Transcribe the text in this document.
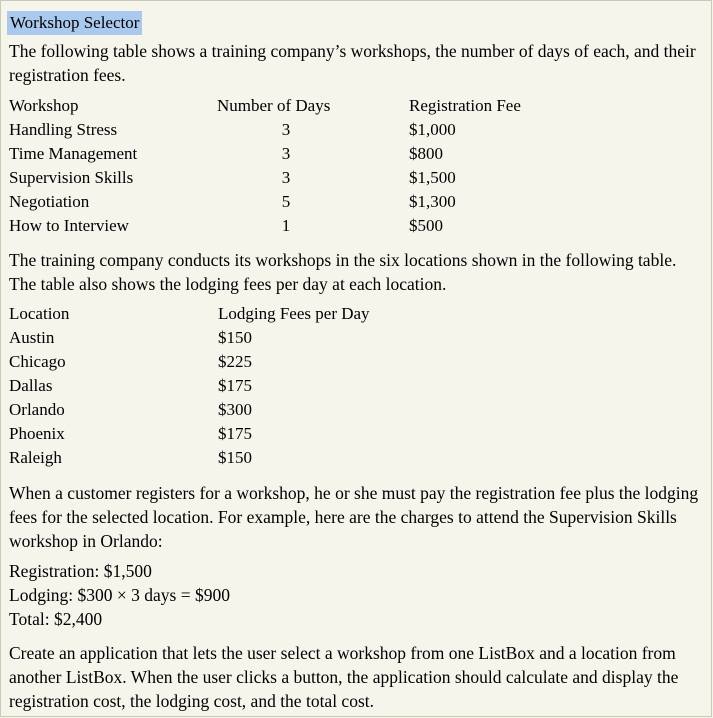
Workshop Selector
The following table shows a training company’s workshops, the number of days of each, and their registration fees.
Workshop	Number of Days	Registration Fee
Handling Stress	3	$1,000
Time Management	3	$800
Supervision Skills	3	$1,500
Negotiation	5	$1,300
How to Interview	1	$500
The training company conducts its workshops in the six locations shown in the following table. The table also shows the lodging fees per day at each location.
Location	Lodging Fees per Day
Austin	$150
Chicago	$225
Dallas	$175
Orlando	$300
Phoenix	$175
Raleigh	$150
When a customer registers for a workshop, he or she must pay the registration fee plus the lodging fees for the selected location. For example, here are the charges to attend the Supervision Skills workshop in Orlando:
Registration: $1,500
Lodging: $300 × 3 days = $900
Total: $2,400
Create an application that lets the user select a workshop from one ListBox and a location from another ListBox. When the user clicks a button, the application should calculate and display the registration cost, the lodging cost, and the total cost.
